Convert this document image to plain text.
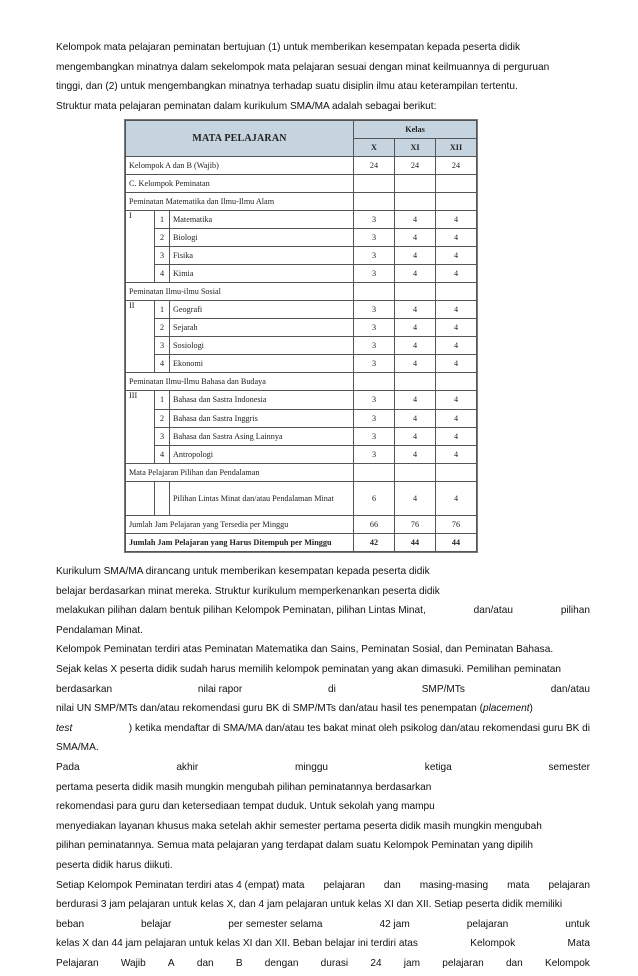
Kelompok mata pelajaran peminatan bertujuan (1) untuk memberikan kesempatan kepada peserta didik
mengembangkan minatnya dalam sekelompok mata pelajaran sesuai dengan minat keilmuannya di perguruan
tinggi, dan (2) untuk mengembangkan minatnya terhadap suatu disiplin ilmu atau keterampilan tertentu.
Struktur mata pelajaran peminatan dalam kurikulum SMA/MA adalah sebagai berikut:
MATA PELAJARAN			Kelas		
			X	XI	XII
Kelompok A dan B (Wajib)			24	24	24
C. Kelompok Peminatan					
Peminatan Matematika dan Ilmu-Ilmu Alam					
I	1	Matematika	3	4	4
	2	Biologi	3	4	4
	3	Fisika	3	4	4
	4	Kimia	3	4	4
Peminatan Ilmu-ilmu Sosial					
II	1	Geografi	3	4	4
	2	Sejarah	3	4	4
	3	Sosiologi	3	4	4
	4	Ekonomi	3	4	4
Peminatan Ilmu-Ilmu Bahasa dan Budaya					
III	1	Bahasa dan Sastra Indonesia	3	4	4
	2	Bahasa dan Sastra Inggris	3	4	4
	3	Bahasa dan Sastra Asing Lainnya	3	4	4
	4	Antropologi	3	4	4
Mata Pelajaran Pilihan dan Pendalaman					
		Pilihan Lintas Minat dan/atau Pendalaman Minat	6	4	4
Jumlah Jam Pelajaran yang Tersedia per Minggu			66	76	76
Jumlah Jam Pelajaran yang Harus Ditempuh per Minggu			42	44	44
Kurikulum SMA/MA dirancang untuk memberikan kesempatan kepada peserta didik
belajar berdasarkan minat mereka. Struktur kurikulum memperkenankan peserta didik
melakukan pilihan dalam bentuk pilihan Kelompok Peminatan, pilihan Lintas Minat,	dan/atau	pilihan
Pendalaman Minat.
Kelompok Peminatan terdiri atas Peminatan Matematika dan Sains, Peminatan Sosial, dan Peminatan Bahasa.
Sejak kelas X peserta didik sudah harus memilih kelompok peminatan yang akan dimasuki. Pemilihan peminatan
berdasarkan	nilai rapor	di	SMP/MTs	dan/atau
nilai UN SMP/MTs dan/atau rekomendasi guru BK di SMP/MTs dan/atau hasil tes penempatan ( placement )
test	) ketika mendaftar di SMA/MA dan/atau tes bakat minat oleh psikolog dan/atau rekomendasi guru BK di
SMA/MA.
Pada	akhir	minggu	ketiga	semester
pertama peserta didik masih mungkin mengubah pilihan peminatannya berdasarkan
rekomendasi para guru dan ketersediaan tempat duduk. Untuk sekolah yang mampu
menyediakan layanan khusus maka setelah akhir semester pertama peserta didik masih mungkin mengubah
pilihan peminatannya. Semua mata pelajaran yang terdapat dalam suatu Kelompok Peminatan yang dipilih
peserta didik harus diikuti.
Setiap Kelompok Peminatan terdiri atas 4 (empat) mata pelajaran dan masing-masing mata pelajaran
berdurasi 3 jam pelajaran untuk kelas X, dan 4 jam pelajaran untuk kelas XI dan XII. Setiap peserta didik memiliki
beban	belajar	per semester selama	42 jam	pelajaran	untuk
kelas X dan 44 jam pelajaran untuk kelas XI dan XII. Beban belajar ini terdiri atas	Kelompok	Mata
Pelajaran Wajib A dan B dengan durasi 24 jam pelajaran dan Kelompok
